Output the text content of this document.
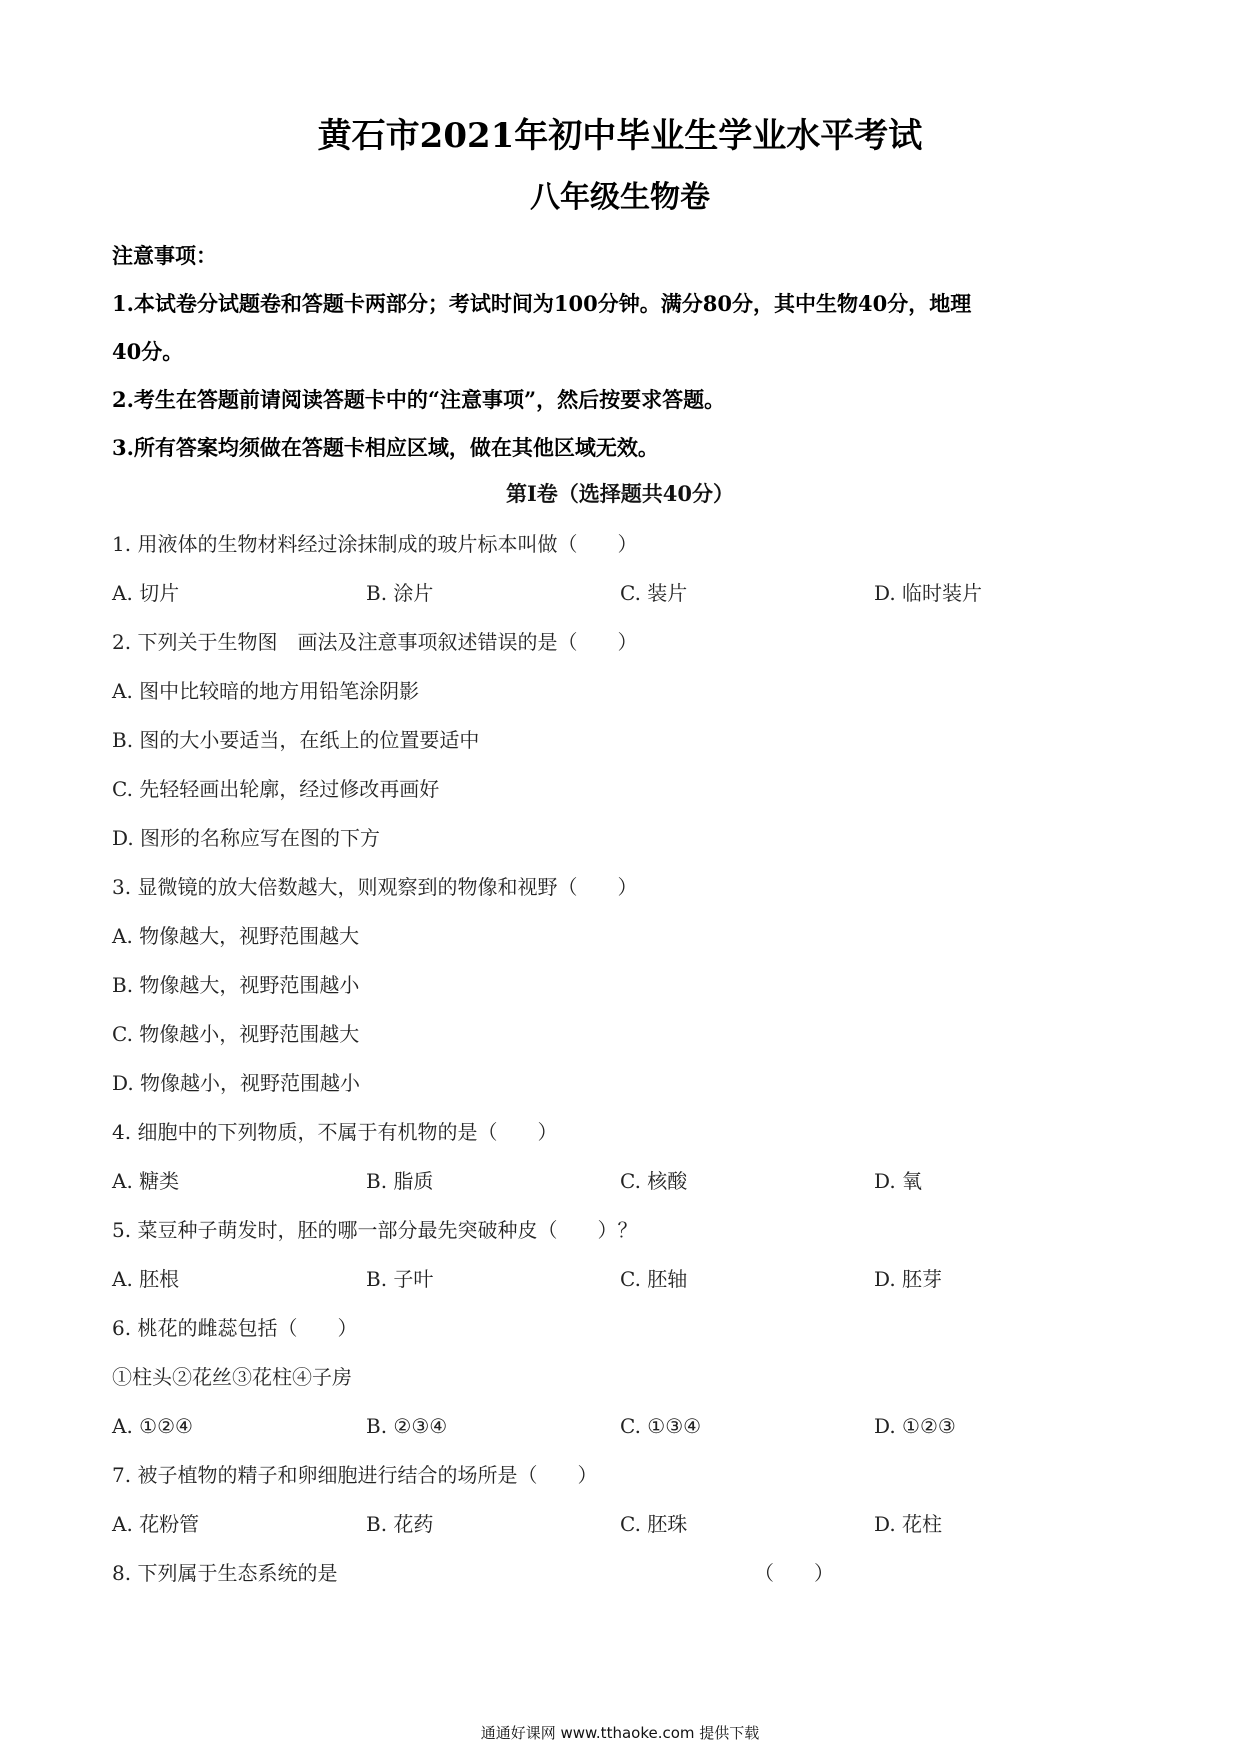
黄石市2021年初中毕业生学业水平考试
八年级生物卷
注意事项：
1.本试卷分试题卷和答题卡两部分；考试时间为100分钟。满分80分，其中生物40分，地理
40分。
2.考生在答题前请阅读答题卡中的“注意事项”，然后按要求答题。
3.所有答案均须做在答题卡相应区域，做在其他区域无效。
第I卷（选择题共40分）
1. 用液体的生物材料经过涂抹制成的玻片标本叫做（　　）
A. 切片	B. 涂片	C. 装片	D. 临时装片
2. 下列关于生物图　画法及注意事项叙述错误的是（　　）
A. 图中比较暗的地方用铅笔涂阴影
B. 图的大小要适当，在纸上的位置要适中
C. 先轻轻画出轮廓，经过修改再画好
D. 图形的名称应写在图的下方
3. 显微镜的放大倍数越大，则观察到的物像和视野（　　）
A. 物像越大，视野范围越大
B. 物像越大，视野范围越小
C. 物像越小，视野范围越大
D. 物像越小，视野范围越小
4. 细胞中的下列物质，不属于有机物的是（　　）
A. 糖类	B. 脂质	C. 核酸	D. 氧
5. 菜豆种子萌发时，胚的哪一部分最先突破种皮（　　）？
A. 胚根	B. 子叶	C. 胚轴	D. 胚芽
6. 桃花的雌蕊包括（　　）
①柱头②花丝③花柱④子房
A. ①②④	B. ②③④	C. ①③④	D. ①②③
7. 被子植物的精子和卵细胞进行结合的场所是（　　）
A. 花粉管	B. 花药	C. 胚珠	D. 花柱
8. 下列属于生态系统的是	（　　）
通通好课网 www.tthaoke.com 提供下载
